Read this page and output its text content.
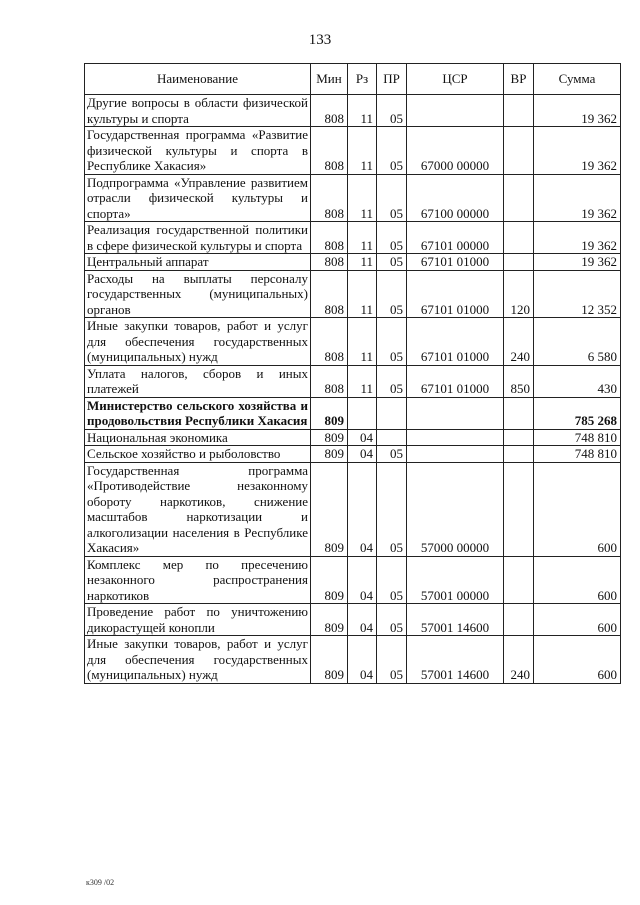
133
Наименование	Мин	Рз	ПР	ЦСР	ВР	Сумма
Другие вопросы в области физической культуры и спорта	808	11	05			19 362
Государственная программа «Развитие физической культуры и спорта в Республике Хакасия»	808	11	05	67000 00000		19 362
Подпрограмма «Управление развитием отрасли физической культуры и спорта»	808	11	05	67100 00000		19 362
Реализация государственной политики в сфере физической культуры и спорта	808	11	05	67101 00000		19 362
Центральный аппарат	808	11	05	67101 01000		19 362
Расходы на выплаты персоналу государственных (муниципальных) органов	808	11	05	67101 01000	120	12 352
Иные закупки товаров, работ и услуг для обеспечения государственных (муниципальных) нужд	808	11	05	67101 01000	240	6 580
Уплата налогов, сборов и иных платежей	808	11	05	67101 01000	850	430
Министерство сельского хозяйства и продовольствия Республики Хакасия	809					785 268
Национальная экономика	809	04				748 810
Сельское хозяйство и рыболовство	809	04	05			748 810
Государственная программа «Противодействие незаконному обороту наркотиков, снижение масштабов наркотизации и алкоголизации населения в Республике Хакасия»	809	04	05	57000 00000		600
Комплекс мер по пресечению незаконного распространения наркотиков	809	04	05	57001 00000		600
Проведение работ по уничтожению дикорастущей конопли	809	04	05	57001 14600		600
Иные закупки товаров, работ и услуг для обеспечения государственных (муниципальных) нужд	809	04	05	57001 14600	240	600
к309 /02
